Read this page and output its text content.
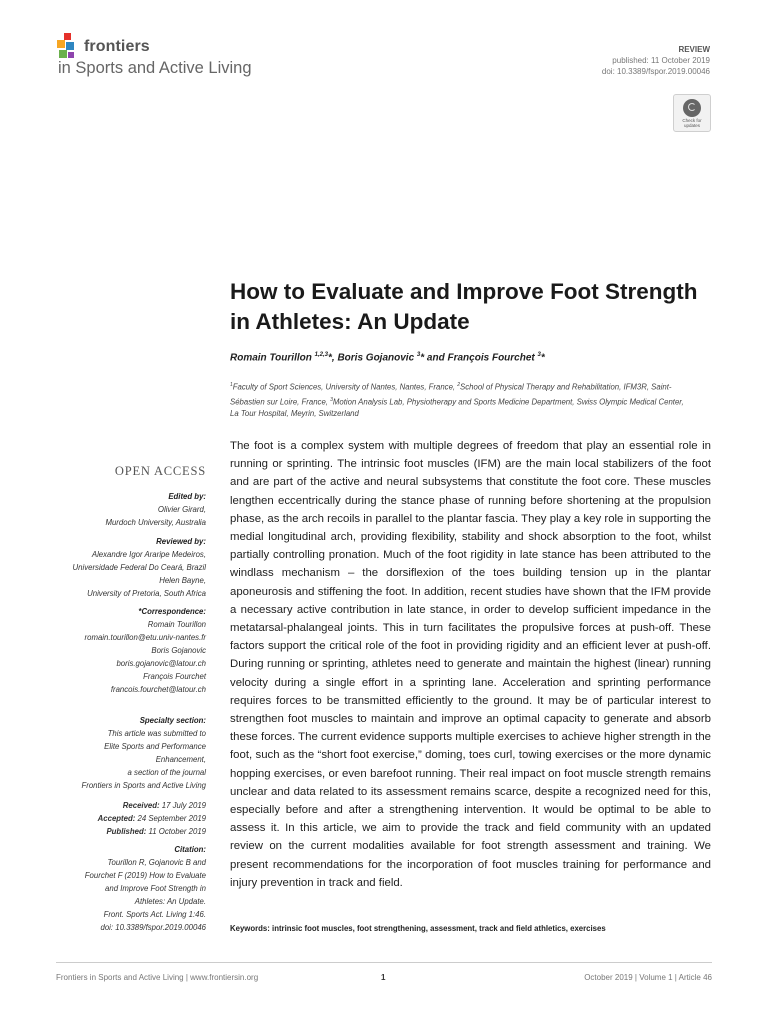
frontiers
in Sports and Active Living
REVIEW
published: 11 October 2019
doi: 10.3389/fspor.2019.00046
Check for updates
How to Evaluate and Improve Foot Strength in Athletes: An Update
Romain Tourillon $^{1,2,3}$*, Boris Gojanovic $^3$* and François Fourchet $^3$*
$^1$Faculty of Sport Sciences, University of Nantes, Nantes, France, $^2$School of Physical Therapy and Rehabilitation, IFM3R, Saint-Sébastien sur Loire, France, $^3$Motion Analysis Lab, Physiotherapy and Sports Medicine Department, Swiss Olympic Medical Center, La Tour Hospital, Meyrin, Switzerland
The foot is a complex system with multiple degrees of freedom that play an essential role in running or sprinting. The intrinsic foot muscles (IFM) are the main local stabilizers of the foot and are part of the active and neural subsystems that constitute the foot core. These muscles lengthen eccentrically during the stance phase of running before shortening at the propulsion phase, as the arch recoils in parallel to the plantar fascia. They play a key role in supporting the medial longitudinal arch, providing flexibility, stability and shock absorption to the foot, whilst partially controlling pronation. Much of the foot rigidity in late stance has been attributed to the windlass mechanism – the dorsiflexion of the toes building tension up in the plantar aponeurosis and stiffening the foot. In addition, recent studies have shown that the IFM provide a necessary active contribution in late stance, in order to develop sufficient impedance in the metatarsal-phalangeal joints. This in turn facilitates the propulsive forces at push-off. These factors support the critical role of the foot in providing rigidity and an efficient lever at push-off. During running or sprinting, athletes need to generate and maintain the highest (linear) running velocity during a single effort in a sprinting lane. Acceleration and sprinting performance requires forces to be transmitted efficiently to the ground. It may be of particular interest to strengthen foot muscles to maintain and improve an optimal capacity to generate and absorb these forces. The current evidence supports multiple exercises to achieve higher strength in the foot, such as the “short foot exercise,” doming, toes curl, towing exercises or the more dynamic hopping exercises, or even barefoot running. Their real impact on foot muscle strength remains unclear and data related to its assessment remains scarce, despite a recognized need for this, especially before and after a strengthening intervention. It would be optimal to be able to assess it. In this article, we aim to provide the track and field community with an updated review on the current modalities available for foot strength assessment and training. We present recommendations for the incorporation of foot muscles training for performance and injury prevention in track and field.
Keywords: intrinsic foot muscles, foot strengthening, assessment, track and field athletics, exercises
OPEN ACCESS
Edited by:
Olivier Girard,
Murdoch University, Australia
Reviewed by:
Alexandre Igor Araripe Medeiros,
Universidade Federal Do Ceará, Brazil
Helen Bayne,
University of Pretoria, South Africa
*Correspondence:
Romain Tourillon
romain.tourillon@etu.univ-nantes.fr
Boris Gojanovic
boris.gojanovic@latour.ch
François Fourchet
francois.fourchet@latour.ch
Specialty section:
This article was submitted to
Elite Sports and Performance
Enhancement,
a section of the journal
Frontiers in Sports and Active Living
Received: 17 July 2019
Accepted: 24 September 2019
Published: 11 October 2019
Citation:
Tourillon R, Gojanovic B and
Fourchet F (2019) How to Evaluate
and Improve Foot Strength in
Athletes: An Update.
Front. Sports Act. Living 1:46.
doi: 10.3389/fspor.2019.00046
Frontiers in Sports and Active Living | www.frontiersin.org	1	October 2019 | Volume 1 | Article 46
